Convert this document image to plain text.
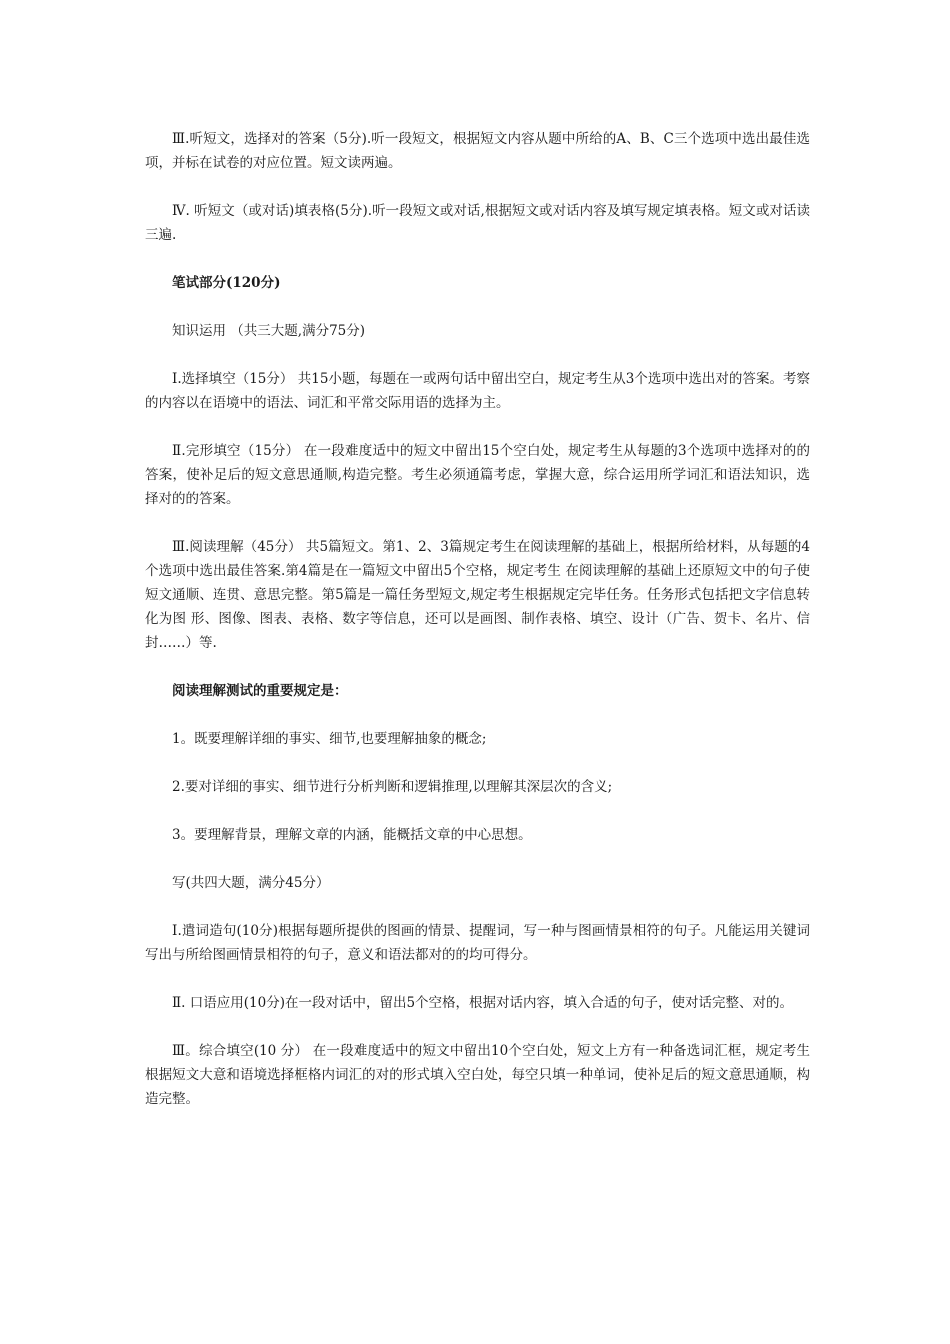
Ⅲ.听短文，选择对的答案（5分).听一段短文，根据短文内容从题中所给的A、B、C三个选项中选出最佳选项，并标在试卷的对应位置。短文读两遍。

Ⅳ. 听短文（或对话)填表格(5分).听一段短文或对话,根据短文或对话内容及填写规定填表格。短文或对话读三遍.

笔试部分(120分)

知识运用 （共三大题,满分75分)

Ⅰ.选择填空（15分） 共15小题，每题在一或两句话中留出空白，规定考生从3个选项中选出对的答案。考察的内容以在语境中的语法、词汇和平常交际用语的选择为主。

Ⅱ.完形填空（15分） 在一段难度适中的短文中留出15个空白处，规定考生从每题的3个选项中选择对的的答案，使补足后的短文意思通顺,构造完整。考生必须通篇考虑，掌握大意，综合运用所学词汇和语法知识，选择对的的答案。

Ⅲ.阅读理解（45分） 共5篇短文。第1、2、3篇规定考生在阅读理解的基础上，根据所给材料，从每题的4个选项中选出最佳答案.第4篇是在一篇短文中留出5个空格，规定考生 在阅读理解的基础上还原短文中的句子使短文通顺、连贯、意思完整。第5篇是一篇任务型短文,规定考生根据规定完毕任务。任务形式包括把文字信息转化为图 形、图像、图表、表格、数字等信息，还可以是画图、制作表格、填空、设计（广告、贺卡、名片、信封……）等.

阅读理解测试的重要规定是：

1。既要理解详细的事实、细节,也要理解抽象的概念;

2.要对详细的事实、细节进行分析判断和逻辑推理,以理解其深层次的含义;

3。要理解背景，理解文章的内涵，能概括文章的中心思想。

写(共四大题，满分45分）

Ⅰ.遣词造句(10分)根据每题所提供的图画的情景、提醒词，写一种与图画情景相符的句子。凡能运用关键词写出与所给图画情景相符的句子，意义和语法都对的的均可得分。

Ⅱ. 口语应用(10分)在一段对话中，留出5个空格，根据对话内容，填入合适的句子，使对话完整、对的。

Ⅲ。综合填空(10 分） 在一段难度适中的短文中留出10个空白处，短文上方有一种备选词汇框，规定考生根据短文大意和语境选择框格内词汇的对的形式填入空白处，每空只填一种单词，使补足后的短文意思通顺，构造完整。
